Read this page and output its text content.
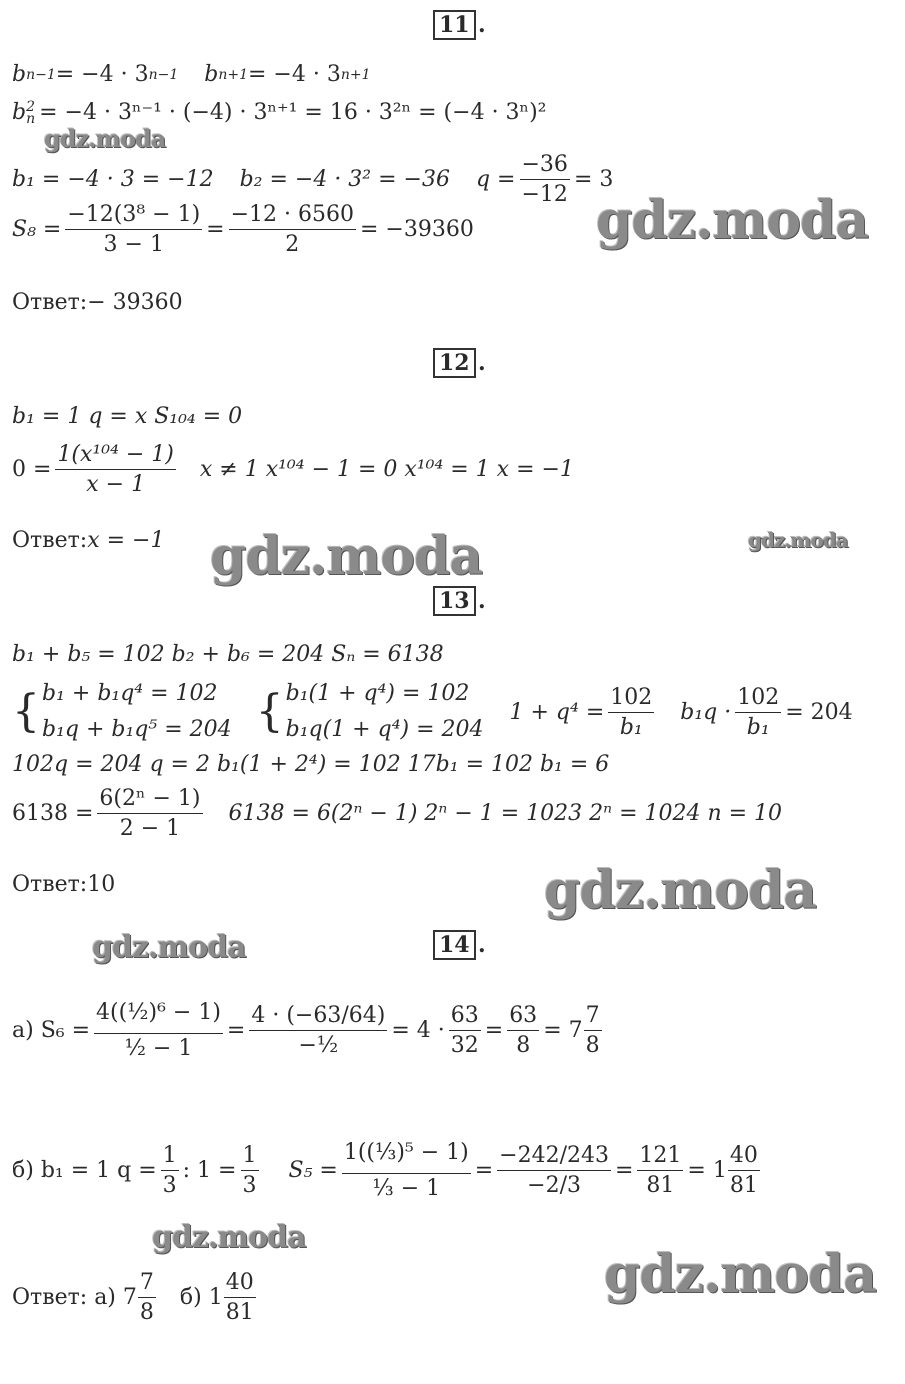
11 .
b n−1 = −4 · 3 n−1 b n+1 = −4 · 3 n+1
b 2
n = −4 · 3ⁿ⁻¹ · (−4) · 3ⁿ⁺¹ = 16 · 3²ⁿ = (−4 · 3ⁿ)²
b₁ = −4 · 3 = −12 b₂ = −4 · 3² = −36 $q = \frac{-36}{-12} = 3$
$S_8 = \frac{\text{−12(3⁸ − 1)}}{3 - 1} = \frac{-12 \cdot 6560}{2} = -39360$
Ответ: − 39360
12 .
b₁ = 1 q = x S₁₀₄ = 0
$0 = \frac{\text{1(x¹⁰⁴ − 1)}}{x - 1}$ x ≠ 1 x¹⁰⁴ − 1 = 0 x¹⁰⁴ = 1 x = −1
Ответ: x = −1
13 .
b₁ + b₅ = 102 b₂ + b₆ = 204 Sₙ = 6138
{ b₁ + b₁q⁴ = 102
b₁q + b₁q⁵ = 204 { b₁(1 + q⁴) = 102
b₁q(1 + q⁴) = 204
$1 + q^4 = \frac{102}{\text{b₁}} b_1q \cdot \frac{102}{\text{b₁}} = 204$
102q = 204 q = 2 b₁(1 + 2⁴) = 102 17b₁ = 102 b₁ = 6
$6138 = \frac{\text{6(2ⁿ − 1)}}{2 - 1} 6138 = 6(2^n - 1) 2^n - 1 = 1023$ 2ⁿ = 1024 n = 10
Ответ: 10
14 .
а) $S_6 = \frac{\text{4((½)⁶ − 1)}}{\text{½ − 1}} = \frac{4 \cdot (-63/64)}{\text{−½}} = 4 \cdot \frac{63}{32} = \frac{63}{8} = 7 \frac{7}{8}$
б) b₁ = 1 $q = \frac{1}{3}$ : $1 = \frac{1}{3} S_5 = \frac{\text{1((⅓)⁵ − 1)}}{\text{⅓ − 1}} = \frac{-242/243}{-2/3} = \frac{121}{81} = 1 \frac{40}{81}$
Ответ: а) $7 \frac{7}{8} б$) $1 \frac{40}{81}$
gdz.moda
gdz.moda
gdz.moda	gdz.moda
gdz.moda
gdz.moda
gdz.moda
gdz.moda
